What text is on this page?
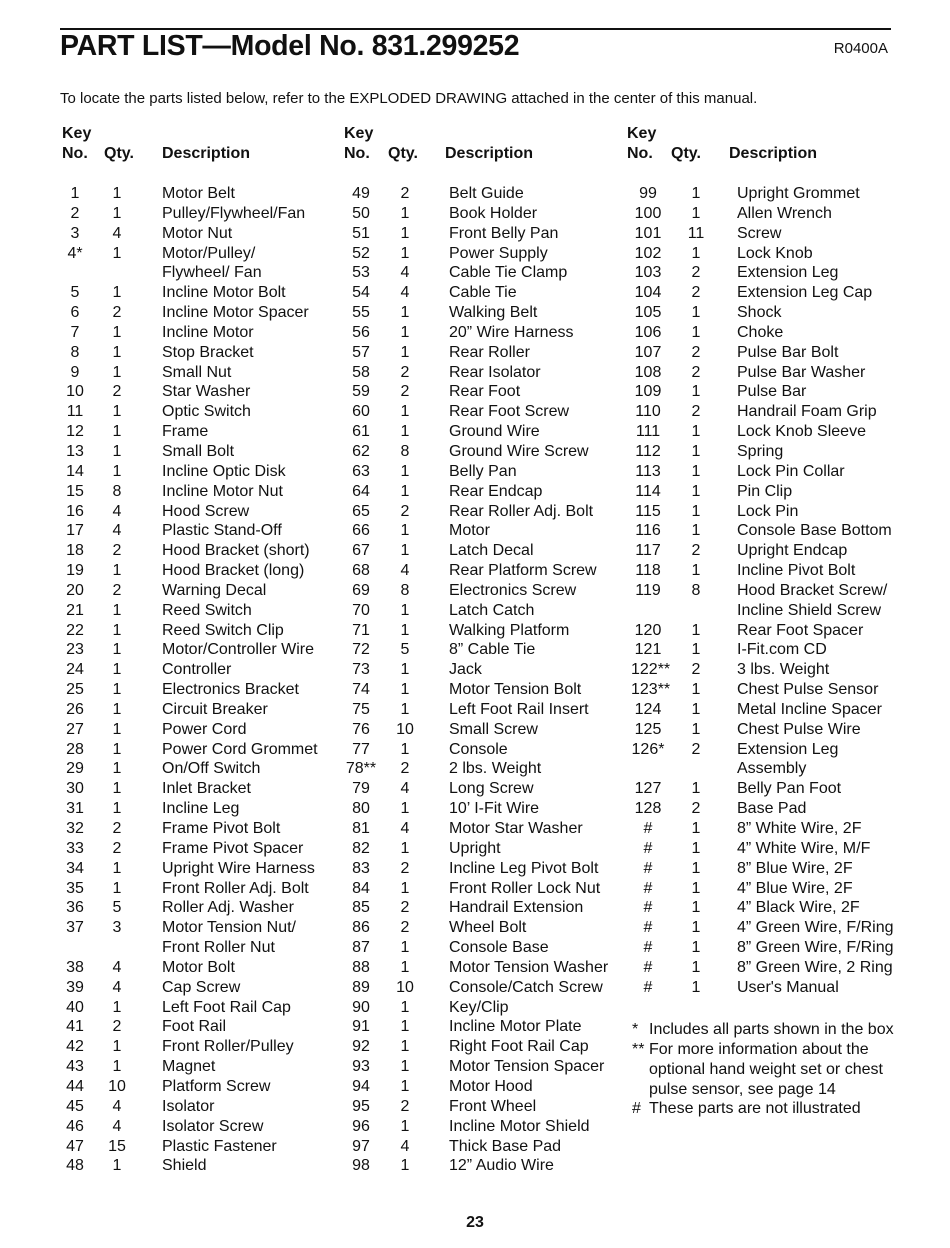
PART LIST—Model No. 831.299252	R0400A
To locate the parts listed below, refer to the EXPLODED DRAWING attached in the center of this manual.
Key
No. Qty. Description
1	1	Motor Belt
2	1	Pulley/Flywheel/Fan
3	4	Motor Nut
4*	1	Motor/Pulley/
Flywheel/ Fan
5	1	Incline Motor Bolt
6	2	Incline Motor Spacer
7	1	Incline Motor
8	1	Stop Bracket
9	1	Small Nut
10	2	Star Washer
11	1	Optic Switch
12	1	Frame
13	1	Small Bolt
14	1	Incline Optic Disk
15	8	Incline Motor Nut
16	4	Hood Screw
17	4	Plastic Stand-Off
18	2	Hood Bracket (short)
19	1	Hood Bracket (long)
20	2	Warning Decal
21	1	Reed Switch
22	1	Reed Switch Clip
23	1	Motor/Controller Wire
24	1	Controller
25	1	Electronics Bracket
26	1	Circuit Breaker
27	1	Power Cord
28	1	Power Cord Grommet
29	1	On/Off Switch
30	1	Inlet Bracket
31	1	Incline Leg
32	2	Frame Pivot Bolt
33	2	Frame Pivot Spacer
34	1	Upright Wire Harness
35	1	Front Roller Adj. Bolt
36	5	Roller Adj. Washer
37	3	Motor Tension Nut/
Front Roller Nut
38	4	Motor Bolt
39	4	Cap Screw
40	1	Left Foot Rail Cap
41	2	Foot Rail
42	1	Front Roller/Pulley
43	1	Magnet
44	10 Platform Screw
45	4	Isolator
46	4	Isolator Screw
47	15 Plastic Fastener
48	1	Shield
Key
No. Qty. Description
49	2	Belt Guide
50	1	Book Holder
51	1	Front Belly Pan
52	1	Power Supply
53	4	Cable Tie Clamp
54	4	Cable Tie
55	1	Walking Belt
56	1	20” Wire Harness
57	1	Rear Roller
58	2	Rear Isolator
59	2	Rear Foot
60	1	Rear Foot Screw
61	1	Ground Wire
62	8	Ground Wire Screw
63	1	Belly Pan
64	1	Rear Endcap
65	2	Rear Roller Adj. Bolt
66	1	Motor
67	1	Latch Decal
68	4	Rear Platform Screw
69	8	Electronics Screw
70	1	Latch Catch
71	1	Walking Platform
72	5	8” Cable Tie
73	1	Jack
74	1	Motor Tension Bolt
75	1	Left Foot Rail Insert
76	10 Small Screw
77	1	Console
78**	2	2 lbs. Weight
79	4	Long Screw
80	1	10’ I-Fit Wire
81	4	Motor Star Washer
82	1	Upright
83	2	Incline Leg Pivot Bolt
84	1	Front Roller Lock Nut
85	2	Handrail Extension
86	2	Wheel Bolt
87	1	Console Base
88	1	Motor Tension Washer
89	10 Console/Catch Screw
90	1	Key/Clip
91	1	Incline Motor Plate
92	1	Right Foot Rail Cap
93	1	Motor Tension Spacer
94	1	Motor Hood
95	2	Front Wheel
96	1	Incline Motor Shield
97	4	Thick Base Pad
98	1	12” Audio Wire
Key
No. Qty. Description
99	1	Upright Grommet
100	1	Allen Wrench
101 11 Screw
102	1	Lock Knob
103	2	Extension Leg
104	2	Extension Leg Cap
105	1	Shock
106	1	Choke
107	2	Pulse Bar Bolt
108	2	Pulse Bar Washer
109	1	Pulse Bar
110	2	Handrail Foam Grip
111	1	Lock Knob Sleeve
112	1	Spring
113	1	Lock Pin Collar
114	1	Pin Clip
115	1	Lock Pin
116	1	Console Base Bottom
117	2	Upright Endcap
118	1	Incline Pivot Bolt
119	8	Hood Bracket Screw/
Incline Shield Screw
120	1	Rear Foot Spacer
121	1	I-Fit.com CD
122**	2	3 lbs. Weight
123**	1	Chest Pulse Sensor
124	1	Metal Incline Spacer
125	1	Chest Pulse Wire
126*	2	Extension Leg
Assembly
127	1	Belly Pan Foot
128	2	Base Pad
#	1	8” White Wire, 2F
#	1	4” White Wire, M/F
#	1	8” Blue Wire, 2F
#	1	4” Blue Wire, 2F
#	1	4” Black Wire, 2F
#	1	4” Green Wire, F/Ring
#	1	8” Green Wire, F/Ring
#	1	8” Green Wire, 2 Ring
#	1	User's Manual
* Includes all parts shown in the box
** For more information about the optional hand weight set or chest pulse sensor, see page 14
# These parts are not illustrated
23
